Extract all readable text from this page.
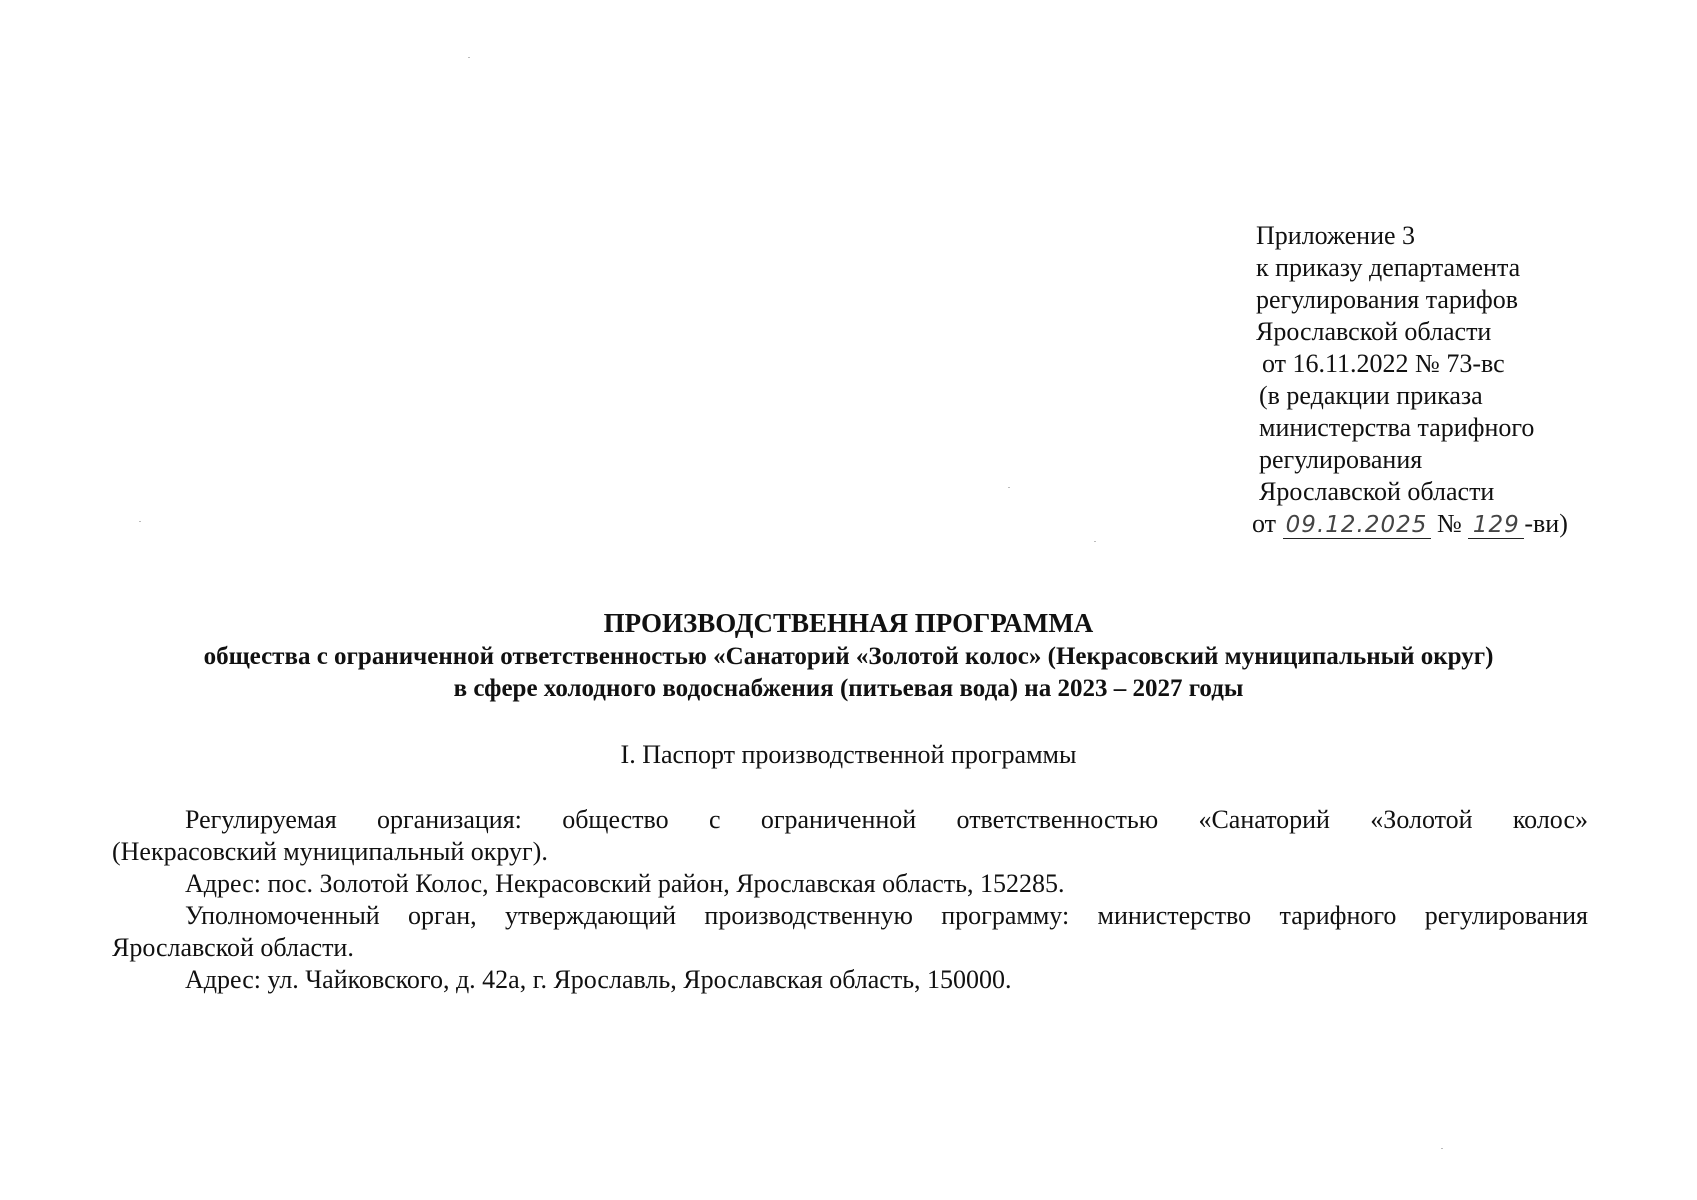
Приложение 3
к приказу департамента
регулирования тарифов
Ярославской области
от 16.11.2022 № 73-вс
(в редакции приказа
министерства тарифного
регулирования
Ярославской области
от 09.12.2025 № 129 -ви)
ПРОИЗВОДСТВЕННАЯ ПРОГРАММА
общества с ограниченной ответственностью «Санаторий «Золотой колос» (Некрасовский муниципальный округ)
в сфере холодного водоснабжения (питьевая вода) на 2023 – 2027 годы
I. Паспорт производственной программы

Регулируемая организация: общество с ограниченной ответственностью «Санаторий «Золотой колос»

(Некрасовский муниципальный округ).

Адрес: пос. Золотой Колос, Некрасовский район, Ярославская область, 152285.

Уполномоченный орган, утверждающий производственную программу: министерство тарифного регулирования

Ярославской области.

Адрес: ул. Чайковского, д. 42а, г. Ярославль, Ярославская область, 150000.
